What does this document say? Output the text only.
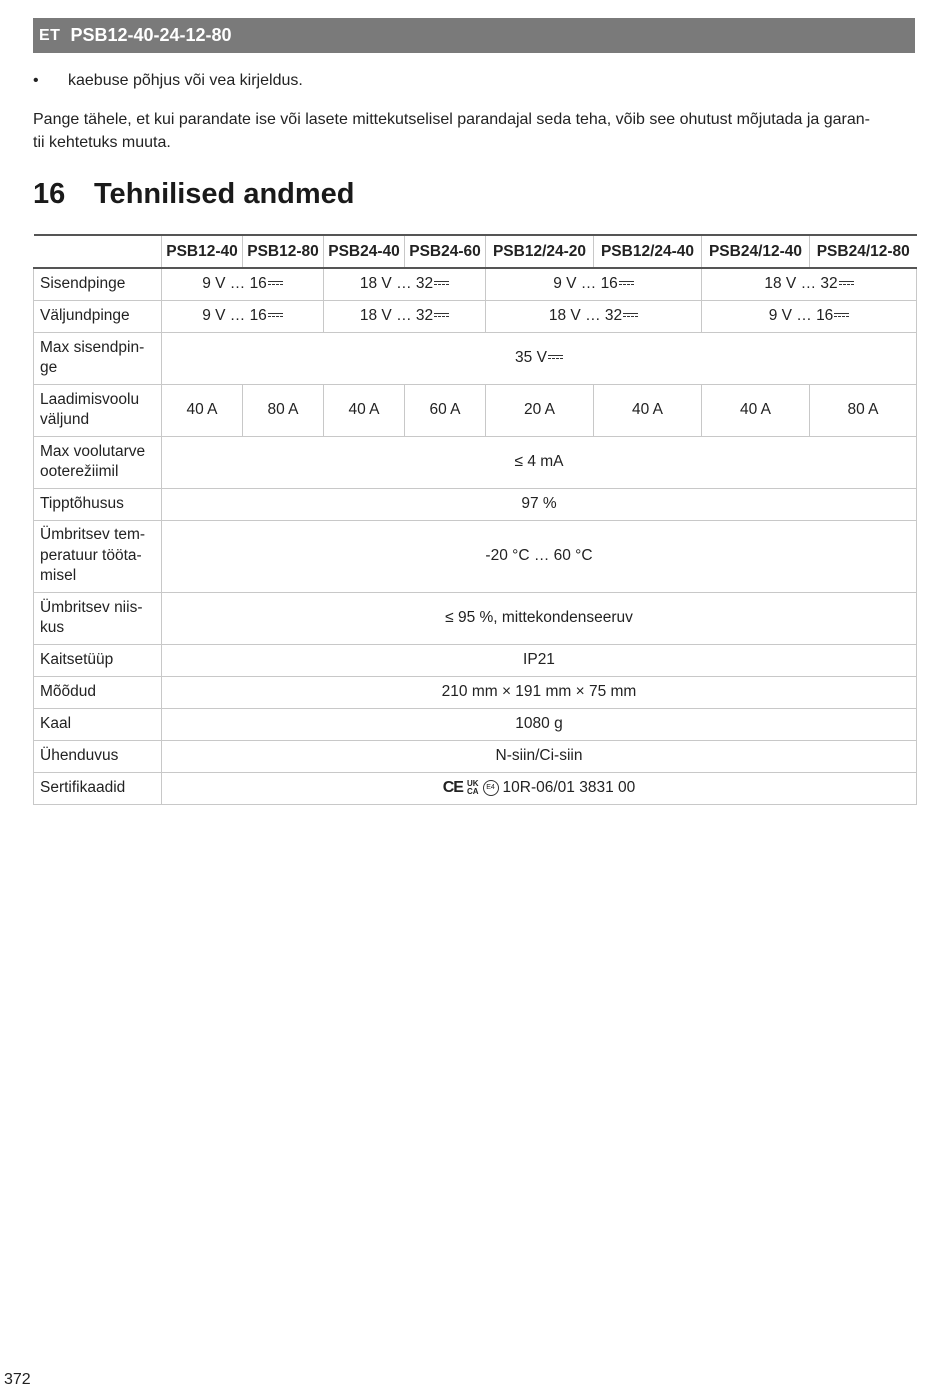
ET PSB12-40-24-12-80
•	kaebuse põhjus või vea kirjeldus.
Pange tähele, et kui parandate ise või lasete mittekutselisel parandajal seda teha, võib see ohutust mõjutada ja garan-
tii kehtetuks muuta.
16 Tehnilised andmed
	PSB12-40	PSB12-80	PSB24-40	PSB24-60	PSB12/24-20	PSB12/24-40	PSB24/12-40	PSB24/12-80
Sisendpinge	9 V … 16		18 V … 32		9 V … 16		18 V … 32	
Väljundpinge	9 V … 16		18 V … 32		18 V … 32		9 V … 16	
Max sisendpin-
ge	35 V							
Laadimisvoolu
väljund	40 A	80 A	40 A	60 A	20 A	40 A	40 A	80 A
Max voolutarve
ooterežiimil	≤ 4 mA							
Tipptõhusus	97 %							
Ümbritsev tem-
peratuur tööta-
misel	-20 °C … 60 °C							
Ümbritsev niis-
kus	≤ 95 %, mittekondenseeruv							
Kaitsetüüp	IP21							
Mõõdud	210 mm × 191 mm × 75 mm							
Kaal	1080 g							
Ühenduvus	N-siin/Ci-siin							
Sertifikaadid	CE UK
CA E4 10R-06/01 3831 00							
372
